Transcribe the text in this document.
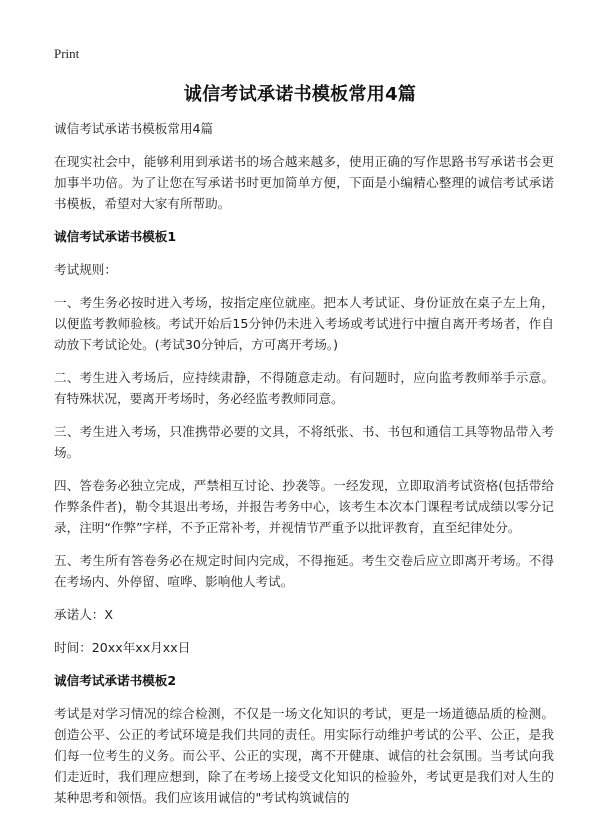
Print
诚信考试承诺书模板常用4篇

诚信考试承诺书模板常用4篇

在现实社会中，能够利用到承诺书的场合越来越多，使用正确的写作思路书写承诺书会更加事半功倍。为了让您在写承诺书时更加简单方便，下面是小编精心整理的诚信考试承诺书模板，希望对大家有所帮助。

诚信考试承诺书模板1

考试规则：

一、考生务必按时进入考场，按指定座位就座。把本人考试证、身份证放在桌子左上角，以便监考教师验核。考试开始后15分钟仍未进入考场或考试进行中擅自离开考场者，作自动放下考试论处。(考试30分钟后，方可离开考场。)

二、考生进入考场后，应持续肃静，不得随意走动。有问题时，应向监考教师举手示意。有特殊状况，要离开考场时，务必经监考教师同意。

三、考生进入考场，只准携带必要的文具，不将纸张、书、书包和通信工具等物品带入考场。

四、答卷务必独立完成，严禁相互讨论、抄袭等。一经发现，立即取消考试资格(包括带给作弊条件者)，勒令其退出考场，并报告考务中心，该考生本次本门课程考试成绩以零分记录，注明“作弊”字样，不予正常补考，并视情节严重予以批评教育，直至纪律处分。

五、考生所有答卷务必在规定时间内完成，不得拖延。考生交卷后应立即离开考场。不得在考场内、外停留、喧哗、影响他人考试。

承诺人：X

时间：20xx年xx月xx日

诚信考试承诺书模板2

考试是对学习情况的综合检测，不仅是一场文化知识的考试，更是一场道德品质的检测。创造公平、公正的考试环境是我们共同的责任。用实际行动维护考试的公平、公正，是我们每一位考生的义务。而公平、公正的实现，离不开健康、诚信的社会氛围。当考试向我们走近时，我们理应想到，除了在考场上接受文化知识的检验外，考试更是我们对人生的某种思考和领悟。我们应该用诚信的"考试构筑诚信的
